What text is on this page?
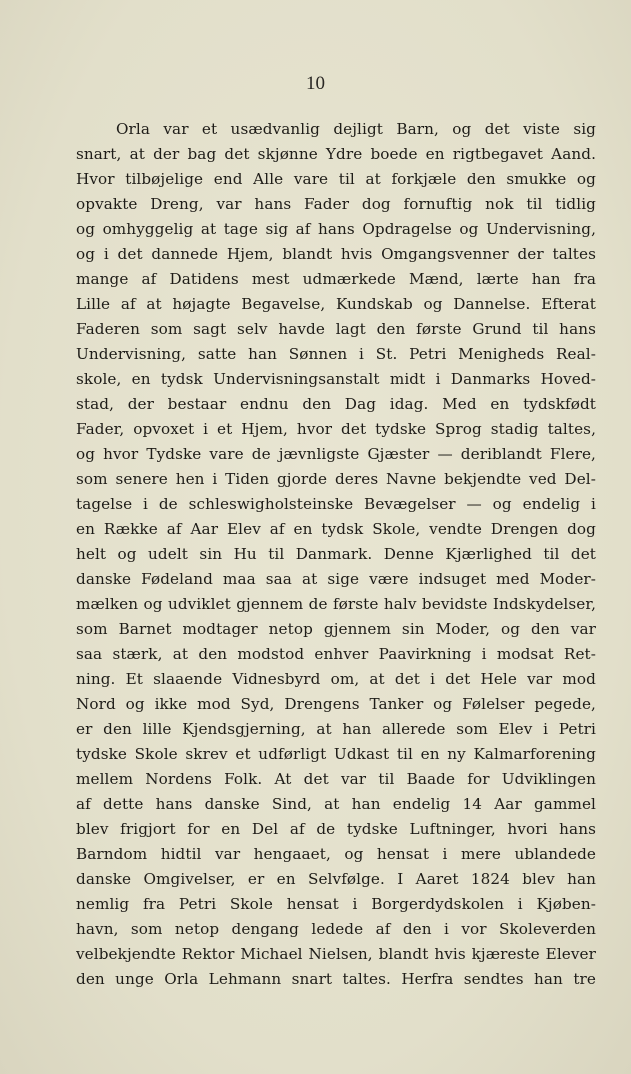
10
Orla var et usædvanlig dejligt Barn, og det viste sig
snart, at der bag det skjønne Ydre boede en rigtbegavet Aand.
Hvor tilbøjelige end Alle vare til at forkjæle den smukke og
opvakte Dreng, var hans Fader dog fornuftig nok til tidlig
og omhyggelig at tage sig af hans Opdragelse og Undervisning,
og i det dannede Hjem, blandt hvis Omgangsvenner der taltes
mange af Datidens mest udmærkede Mænd, lærte han fra
Lille af at højagte Begavelse, Kundskab og Dannelse. Efterat
Faderen som sagt selv havde lagt den første Grund til hans
Undervisning, satte han Sønnen i St. Petri Menigheds Real-
skole, en tydsk Undervisningsanstalt midt i Danmarks Hoved-
stad, der bestaar endnu den Dag idag. Med en tydskfødt
Fader, opvoxet i et Hjem, hvor det tydske Sprog stadig taltes,
og hvor Tydske vare de jævnligste Gjæster — deriblandt Flere,
som senere hen i Tiden gjorde deres Navne bekjendte ved Del-
tagelse i de schleswigholsteinske Bevægelser — og endelig i
en Række af Aar Elev af en tydsk Skole, vendte Drengen dog
helt og udelt sin Hu til Danmark. Denne Kjærlighed til det
danske Fødeland maa saa at sige være indsuget med Moder-
mælken og udviklet gjennem de første halv bevidste Indskydelser,
som Barnet modtager netop gjennem sin Moder, og den var
saa stærk, at den modstod enhver Paavirkning i modsat Ret-
ning. Et slaaende Vidnesbyrd om, at det i det Hele var mod
Nord og ikke mod Syd, Drengens Tanker og Følelser pegede,
er den lille Kjendsgjerning, at han allerede som Elev i Petri
tydske Skole skrev et udførligt Udkast til en ny Kalmarforening
mellem Nordens Folk. At det var til Baade for Udviklingen
af dette hans danske Sind, at han endelig 14 Aar gammel
blev frigjort for en Del af de tydske Luftninger, hvori hans
Barndom hidtil var hengaaet, og hensat i mere ublandede
danske Omgivelser, er en Selvfølge. I Aaret 1824 blev han
nemlig fra Petri Skole hensat i Borgerdydskolen i Kjøben-
havn, som netop dengang ledede af den i vor Skoleverden
velbekjendte Rektor Michael Nielsen, blandt hvis kjæreste Elever
den unge Orla Lehmann snart taltes. Herfra sendtes han tre
